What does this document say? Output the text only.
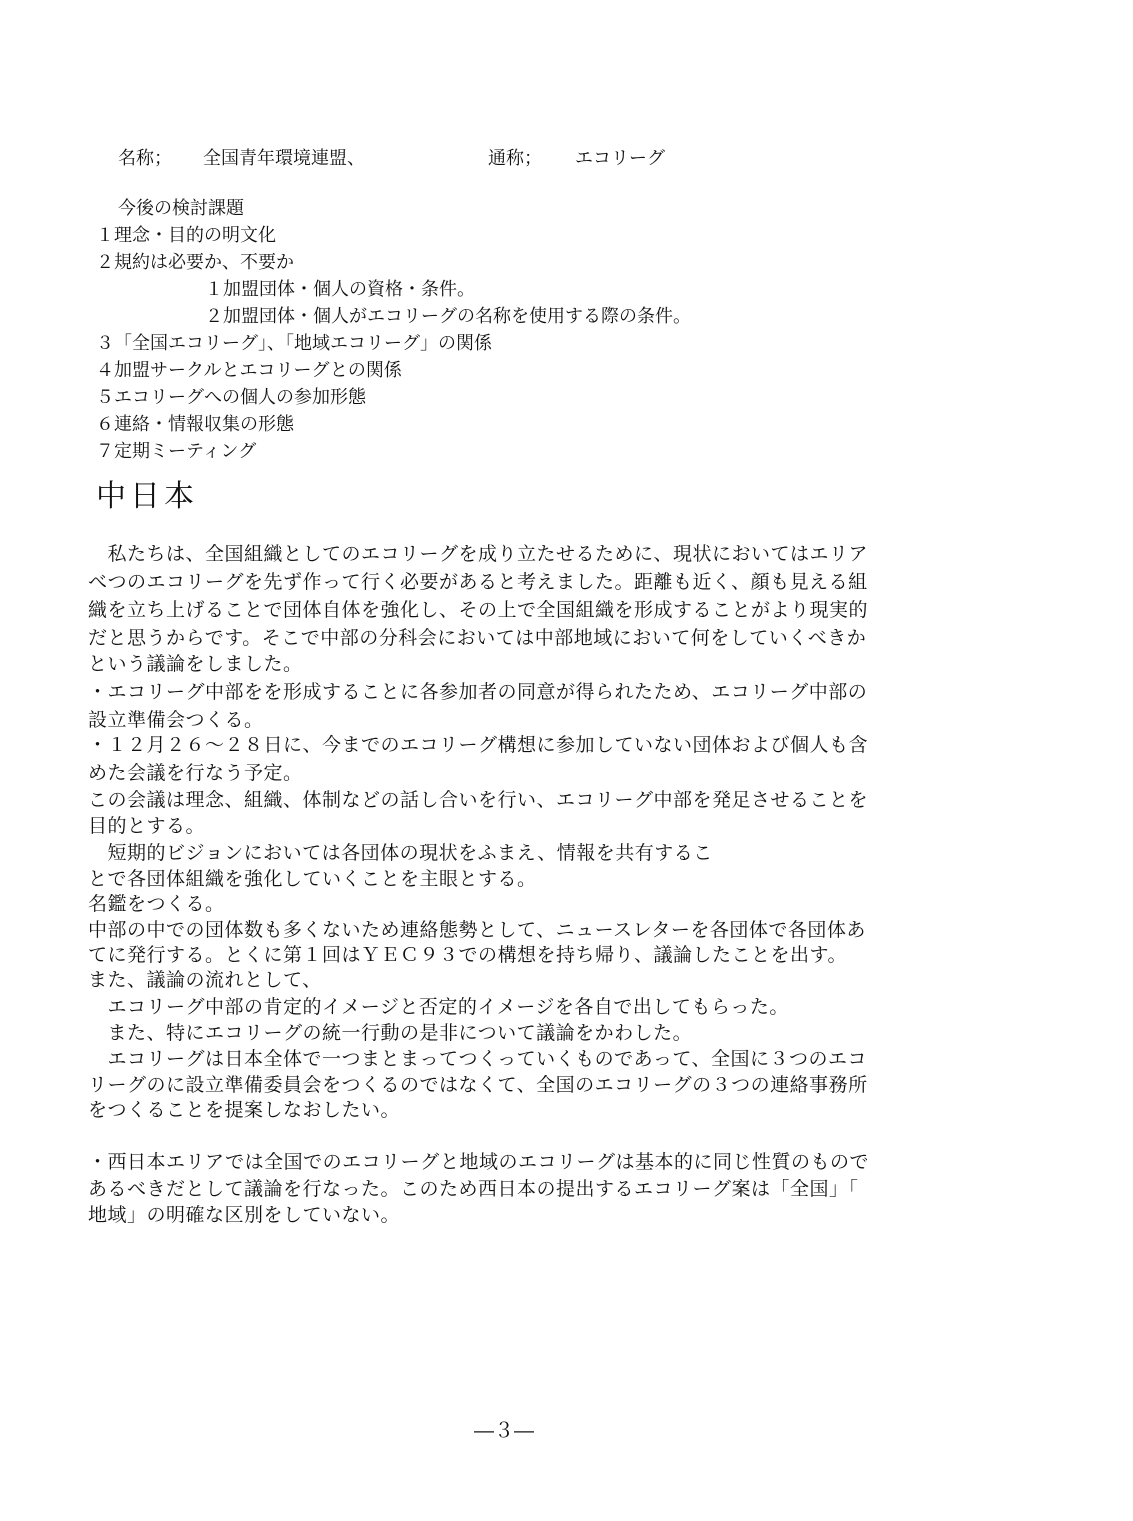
名称； 全国青年環境連盟、	通称； エコリーグ
今後の検討課題
１理念・目的の明文化
２規約は必要か、不要か
１加盟団体・個人の資格・条件。
２加盟団体・個人がエコリーグの名称を使用する際の条件。
３「全国エコリーグ」、「地域エコリーグ」の関係
４加盟サークルとエコリーグとの関係
５エコリーグへの個人の参加形態
６連絡・情報収集の形態
７定期ミーティング
中日本
　私たちは、全国組織としてのエコリーグを成り立たせるために、現状においてはエリア
べつのエコリーグを先ず作って行く必要があると考えました。距離も近く、顔も見える組
織を立ち上げることで団体自体を強化し、その上で全国組織を形成することがより現実的
だと思うからです。そこで中部の分科会においては中部地域において何をしていくべきか
という議論をしました。
・エコリーグ中部をを形成することに各参加者の同意が得られたため、エコリーグ中部の
設立準備会つくる。
・１２月２６～２８日に、今までのエコリーグ構想に参加していない団体および個人も含
めた会議を行なう予定。
この会議は理念、組織、体制などの話し合いを行い、エコリーグ中部を発足させることを
目的とする。
　短期的ビジョンにおいては各団体の現状をふまえ、情報を共有するこ
とで各団体組織を強化していくことを主眼とする。
名鑑をつくる。
中部の中での団体数も多くないため連絡態勢として、ニュースレターを各団体で各団体あ
てに発行する。とくに第１回はＹＥＣ９３での構想を持ち帰り、議論したことを出す。
また、議論の流れとして、
　エコリーグ中部の肯定的イメージと否定的イメージを各自で出してもらった。
　また、特にエコリーグの統一行動の是非について議論をかわした。
　エコリーグは日本全体で一つまとまってつくっていくものであって、全国に３つのエコ
リーグのに設立準備委員会をつくるのではなくて、全国のエコリーグの３つの連絡事務所
をつくることを提案しなおしたい。
・西日本エリアでは全国でのエコリーグと地域のエコリーグは基本的に同じ性質のもので
あるべきだとして議論を行なった。このため西日本の提出するエコリーグ案は「全国」「
地域」の明確な区別をしていない。
―３―
